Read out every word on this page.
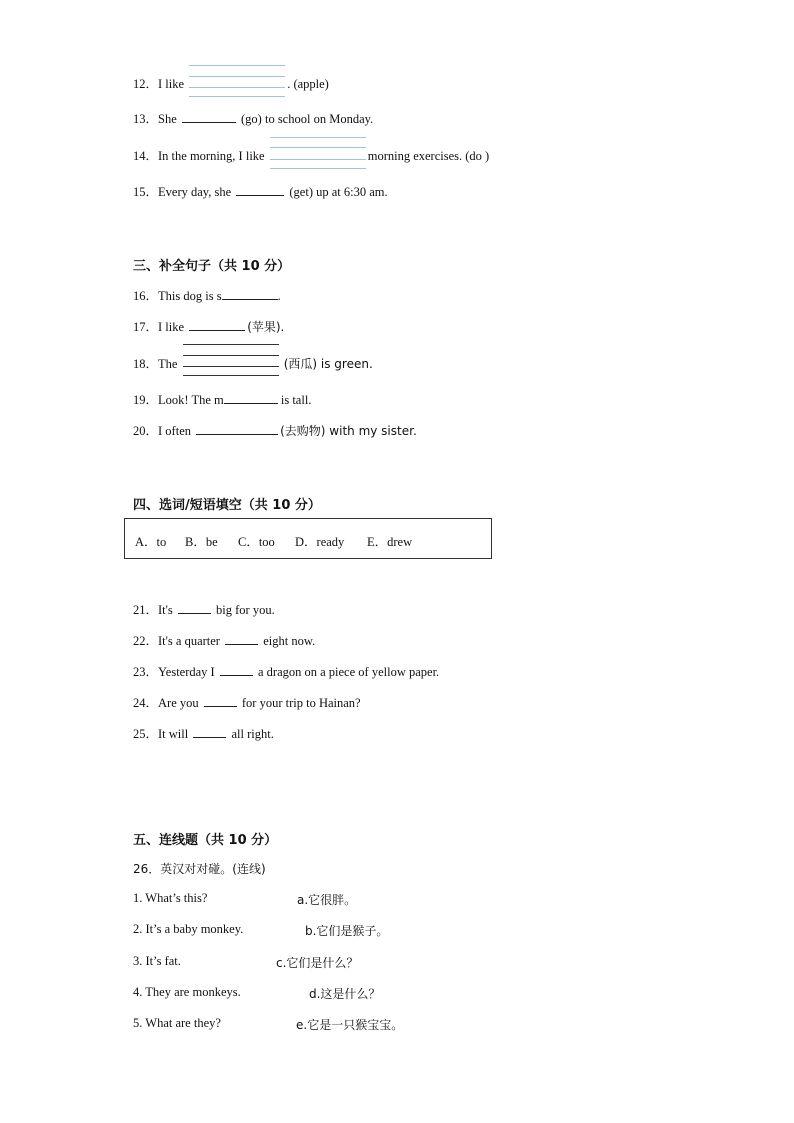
12．I like	. (apple)
13．She	(go) to school on Monday.
14．In the morning, I like	morning exercises. (do )
15．Every day, she	(get) up at 6:30 am.
三、补全句子（共 10 分）
16．This dog is s	.
17．I like	(苹果).
18．The	(西瓜) is green.
19．Look! The m	is tall.
20．I often	(去购物) with my sister.
四、选词/短语填空（共 10 分）
A．to B．be C．too D．ready E．drew
21．It's	big for you.
22．It's a quarter	eight now.
23．Yesterday I	a dragon on a piece of yellow paper.
24．Are you	for your trip to Hainan?
25．It will	all right.
五、连线题（共 10 分）
26．英汉对对碰。(连线)
1. What’s this?	a.它很胖。
2. It’s a baby monkey.	b.它们是猴子。
3. It’s fat.	c.它们是什么？
4. They are monkeys.	d.这是什么？
5. What are they?	e.它是一只猴宝宝。
